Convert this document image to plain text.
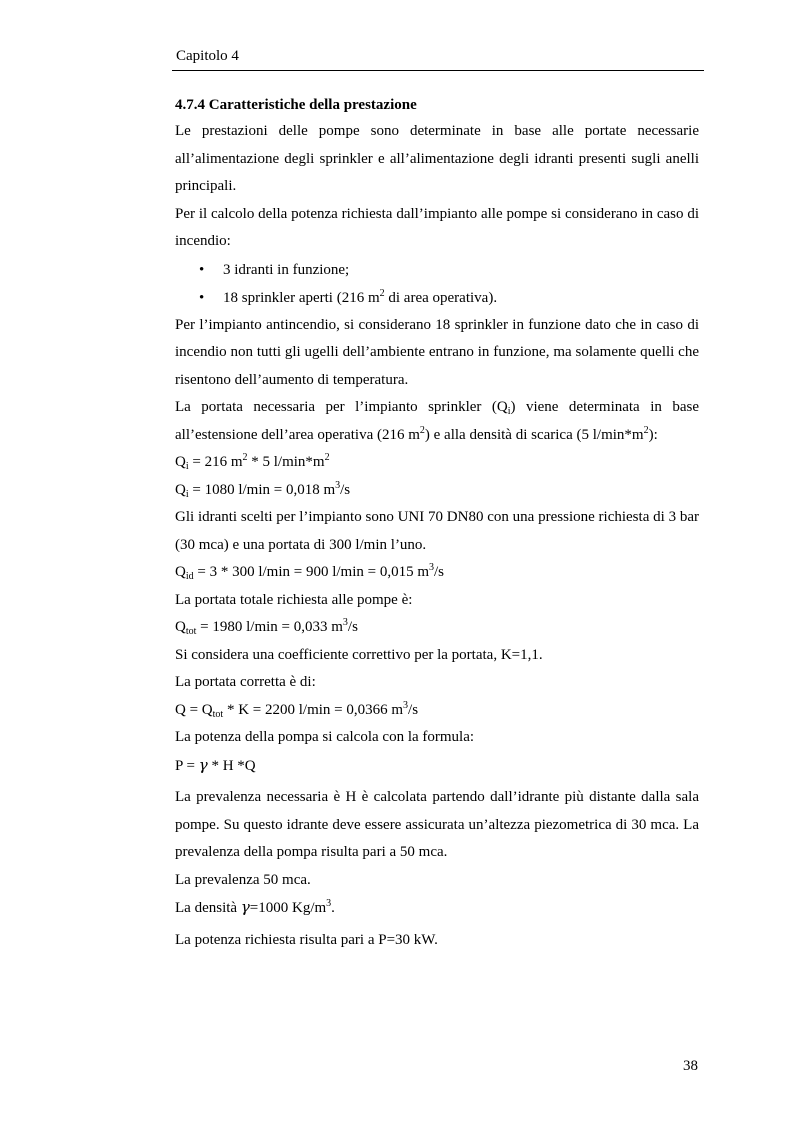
Capitolo 4
4.7.4 Caratteristiche della prestazione

Le prestazioni delle pompe sono determinate in base alle portate necessarie all’alimentazione degli sprinkler e all’alimentazione degli idranti presenti sugli anelli principali.

Per il calcolo della potenza richiesta dall’impianto alle pompe si considerano in caso di incendio:

• 3 idranti in funzione;
• 18 sprinkler aperti (216 $m^2$ di area operativa).

Per l’impianto antincendio, si considerano 18 sprinkler in funzione dato che in caso di incendio non tutti gli ugelli dell’ambiente entrano in funzione, ma solamente quelli che risentono dell’aumento di temperatura.

La portata necessaria per l’impianto sprinkler $(Q_i)$ viene determinata in base all’estensione dell’area operativa (216 $m^2$) e alla densità di scarica (5 $l/\min*m^2$):

$Q_i = 216$ $m^2 * 5$ $l/\min*m^2$
$Q_i = 1080$ l/min = 0,018 $m^3/s$

Gli idranti scelti per l’impianto sono UNI 70 DN80 con una pressione richiesta di 3 bar (30 mca) e una portata di 300 l/min l’uno.

$Q_{id} = 3 * 300$ l/min = 900 l/min = 0,015 $m^3/s$
La portata totale richiesta alle pompe è:
$Q_{tot} = 1980$ l/min = 0,033 $m^3/s$
Si considera una coefficiente correttivo per la portata, K=1,1.
La portata corretta è di:
$Q = Q_{tot} * K = 2200$ l/min = 0,0366 $m^3/s$
La potenza della pompa si calcola con la formula:
P = γ * H *Q

La prevalenza necessaria è H è calcolata partendo dall’idrante più distante dalla sala pompe. Su questo idrante deve essere assicurata un’altezza piezometrica di 30 mca. La prevalenza della pompa risulta pari a 50 mca.

La prevalenza 50 mca.
La densità γ=1000 $Kg/m^3$.
La potenza richiesta risulta pari a P=30 kW.
38
